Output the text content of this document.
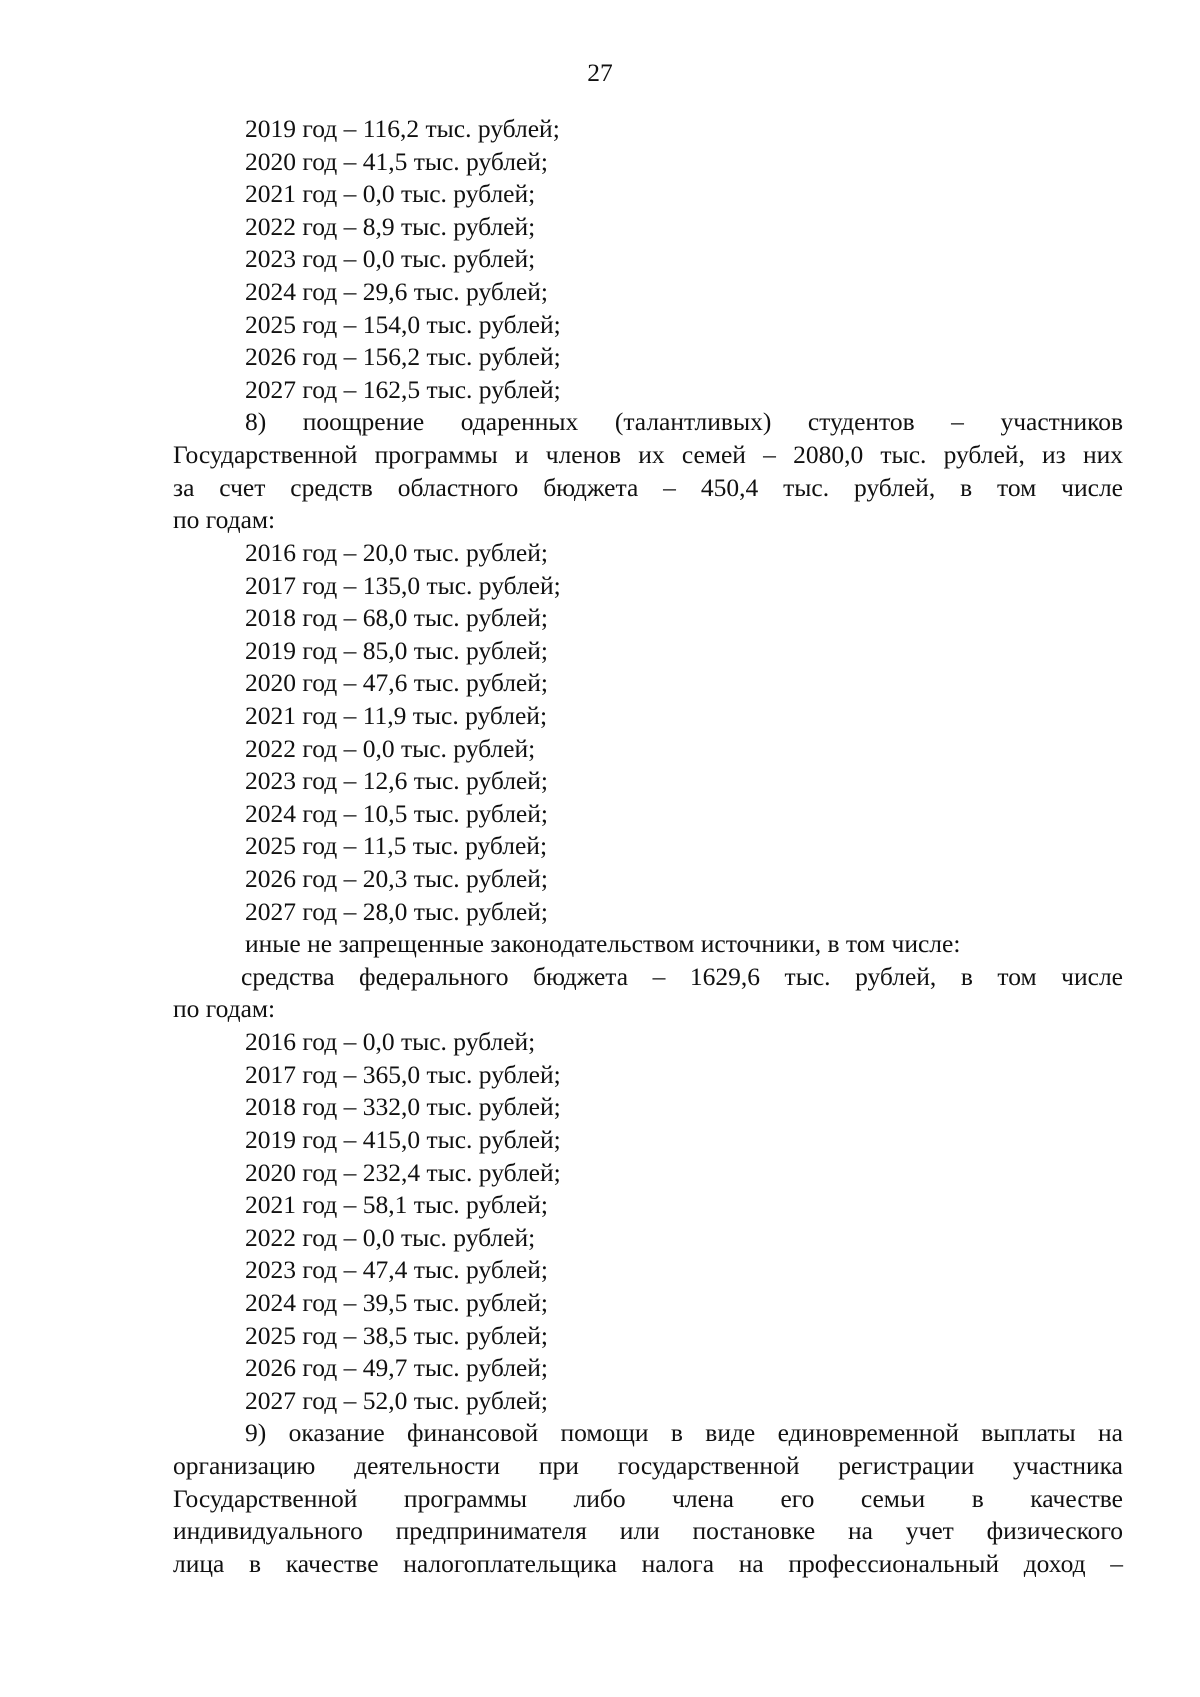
27
2019 год – 116,2 тыс. рублей;
2020 год – 41,5 тыс. рублей;
2021 год – 0,0 тыс. рублей;
2022 год – 8,9 тыс. рублей;
2023 год – 0,0 тыс. рублей;
2024 год – 29,6 тыс. рублей;
2025 год – 154,0 тыс. рублей;
2026 год – 156,2 тыс. рублей;
2027 год – 162,5 тыс. рублей;
8) поощрение одаренных (талантливых) студентов – участников
Государственной программы и членов их семей – 2080,0 тыс. рублей, из них
за счет средств областного бюджета – 450,4 тыс. рублей, в том числе
по годам:
2016 год – 20,0 тыс. рублей;
2017 год – 135,0 тыс. рублей;
2018 год – 68,0 тыс. рублей;
2019 год – 85,0 тыс. рублей;
2020 год – 47,6 тыс. рублей;
2021 год – 11,9 тыс. рублей;
2022 год – 0,0 тыс. рублей;
2023 год – 12,6 тыс. рублей;
2024 год – 10,5 тыс. рублей;
2025 год – 11,5 тыс. рублей;
2026 год – 20,3 тыс. рублей;
2027 год – 28,0 тыс. рублей;
иные не запрещенные законодательством источники, в том числе:
средства федерального бюджета – 1629,6 тыс. рублей, в том числе
по годам:
2016 год – 0,0 тыс. рублей;
2017 год – 365,0 тыс. рублей;
2018 год – 332,0 тыс. рублей;
2019 год – 415,0 тыс. рублей;
2020 год – 232,4 тыс. рублей;
2021 год – 58,1 тыс. рублей;
2022 год – 0,0 тыс. рублей;
2023 год – 47,4 тыс. рублей;
2024 год – 39,5 тыс. рублей;
2025 год – 38,5 тыс. рублей;
2026 год – 49,7 тыс. рублей;
2027 год – 52,0 тыс. рублей;
9) оказание финансовой помощи в виде единовременной выплаты на
организацию деятельности при государственной регистрации участника
Государственной программы либо члена его семьи в качестве
индивидуального предпринимателя или постановке на учет физического
лица в качестве налогоплательщика налога на профессиональный доход –
